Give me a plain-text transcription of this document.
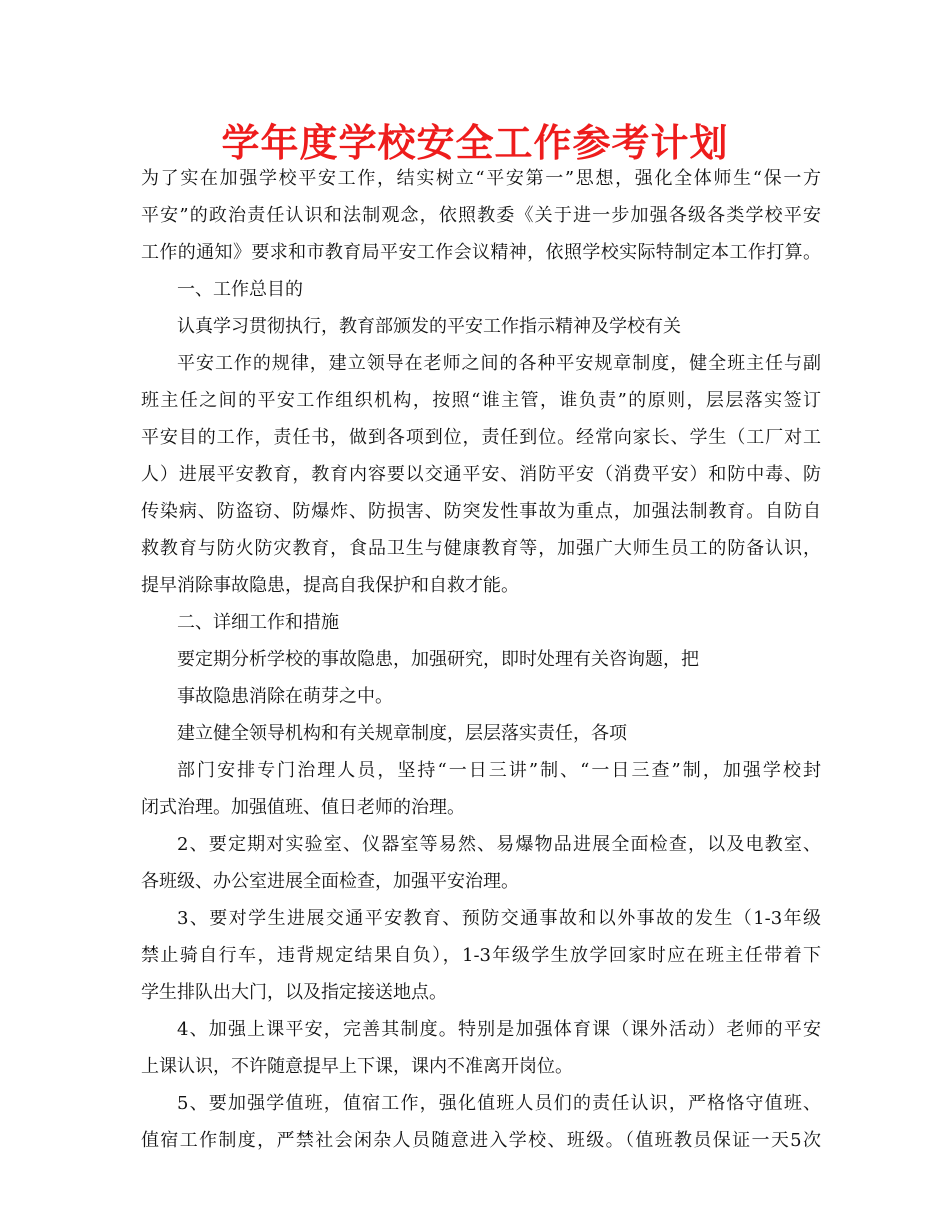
学年度学校安全工作参考计划
为了实在加强学校平安工作，结实树立“平安第一”思想，强化全体师生“保一方
平安”的政治责任认识和法制观念，依照教委《关于进一步加强各级各类学校平安
工作的通知》要求和市教育局平安工作会议精神，依照学校实际特制定本工作打算。
一、工作总目的
认真学习贯彻执行，教育部颁发的平安工作指示精神及学校有关
平安工作的规律，建立领导在老师之间的各种平安规章制度，健全班主任与副
班主任之间的平安工作组织机构，按照“谁主管，谁负责”的原则，层层落实签订
平安目的工作，责任书，做到各项到位，责任到位。经常向家长、学生（工厂对工
人）进展平安教育，教育内容要以交通平安、消防平安（消费平安）和防中毒、防
传染病、防盗窃、防爆炸、防损害、防突发性事故为重点，加强法制教育。自防自
救教育与防火防灾教育，食品卫生与健康教育等，加强广大师生员工的防备认识，
提早消除事故隐患，提高自我保护和自救才能。
二、详细工作和措施
要定期分析学校的事故隐患，加强研究，即时处理有关咨询题，把
事故隐患消除在萌芽之中。
建立健全领导机构和有关规章制度，层层落实责任，各项
部门安排专门治理人员，坚持“一日三讲”制、“一日三查”制，加强学校封
闭式治理。加强值班、值日老师的治理。
2、要定期对实验室、仪器室等易然、易爆物品进展全面检查，以及电教室、
各班级、办公室进展全面检查，加强平安治理。
3、要对学生进展交通平安教育、预防交通事故和以外事故的发生（1-3年级
禁止骑自行车，违背规定结果自负），1-3年级学生放学回家时应在班主任带着下
学生排队出大门，以及指定接送地点。
4、加强上课平安，完善其制度。特别是加强体育课（课外活动）老师的平安
上课认识，不许随意提早上下课，课内不准离开岗位。
5、要加强学值班，值宿工作，强化值班人员们的责任认识，严格恪守值班、
值宿工作制度，严禁社会闲杂人员随意进入学校、班级。（值班教员保证一天5次
